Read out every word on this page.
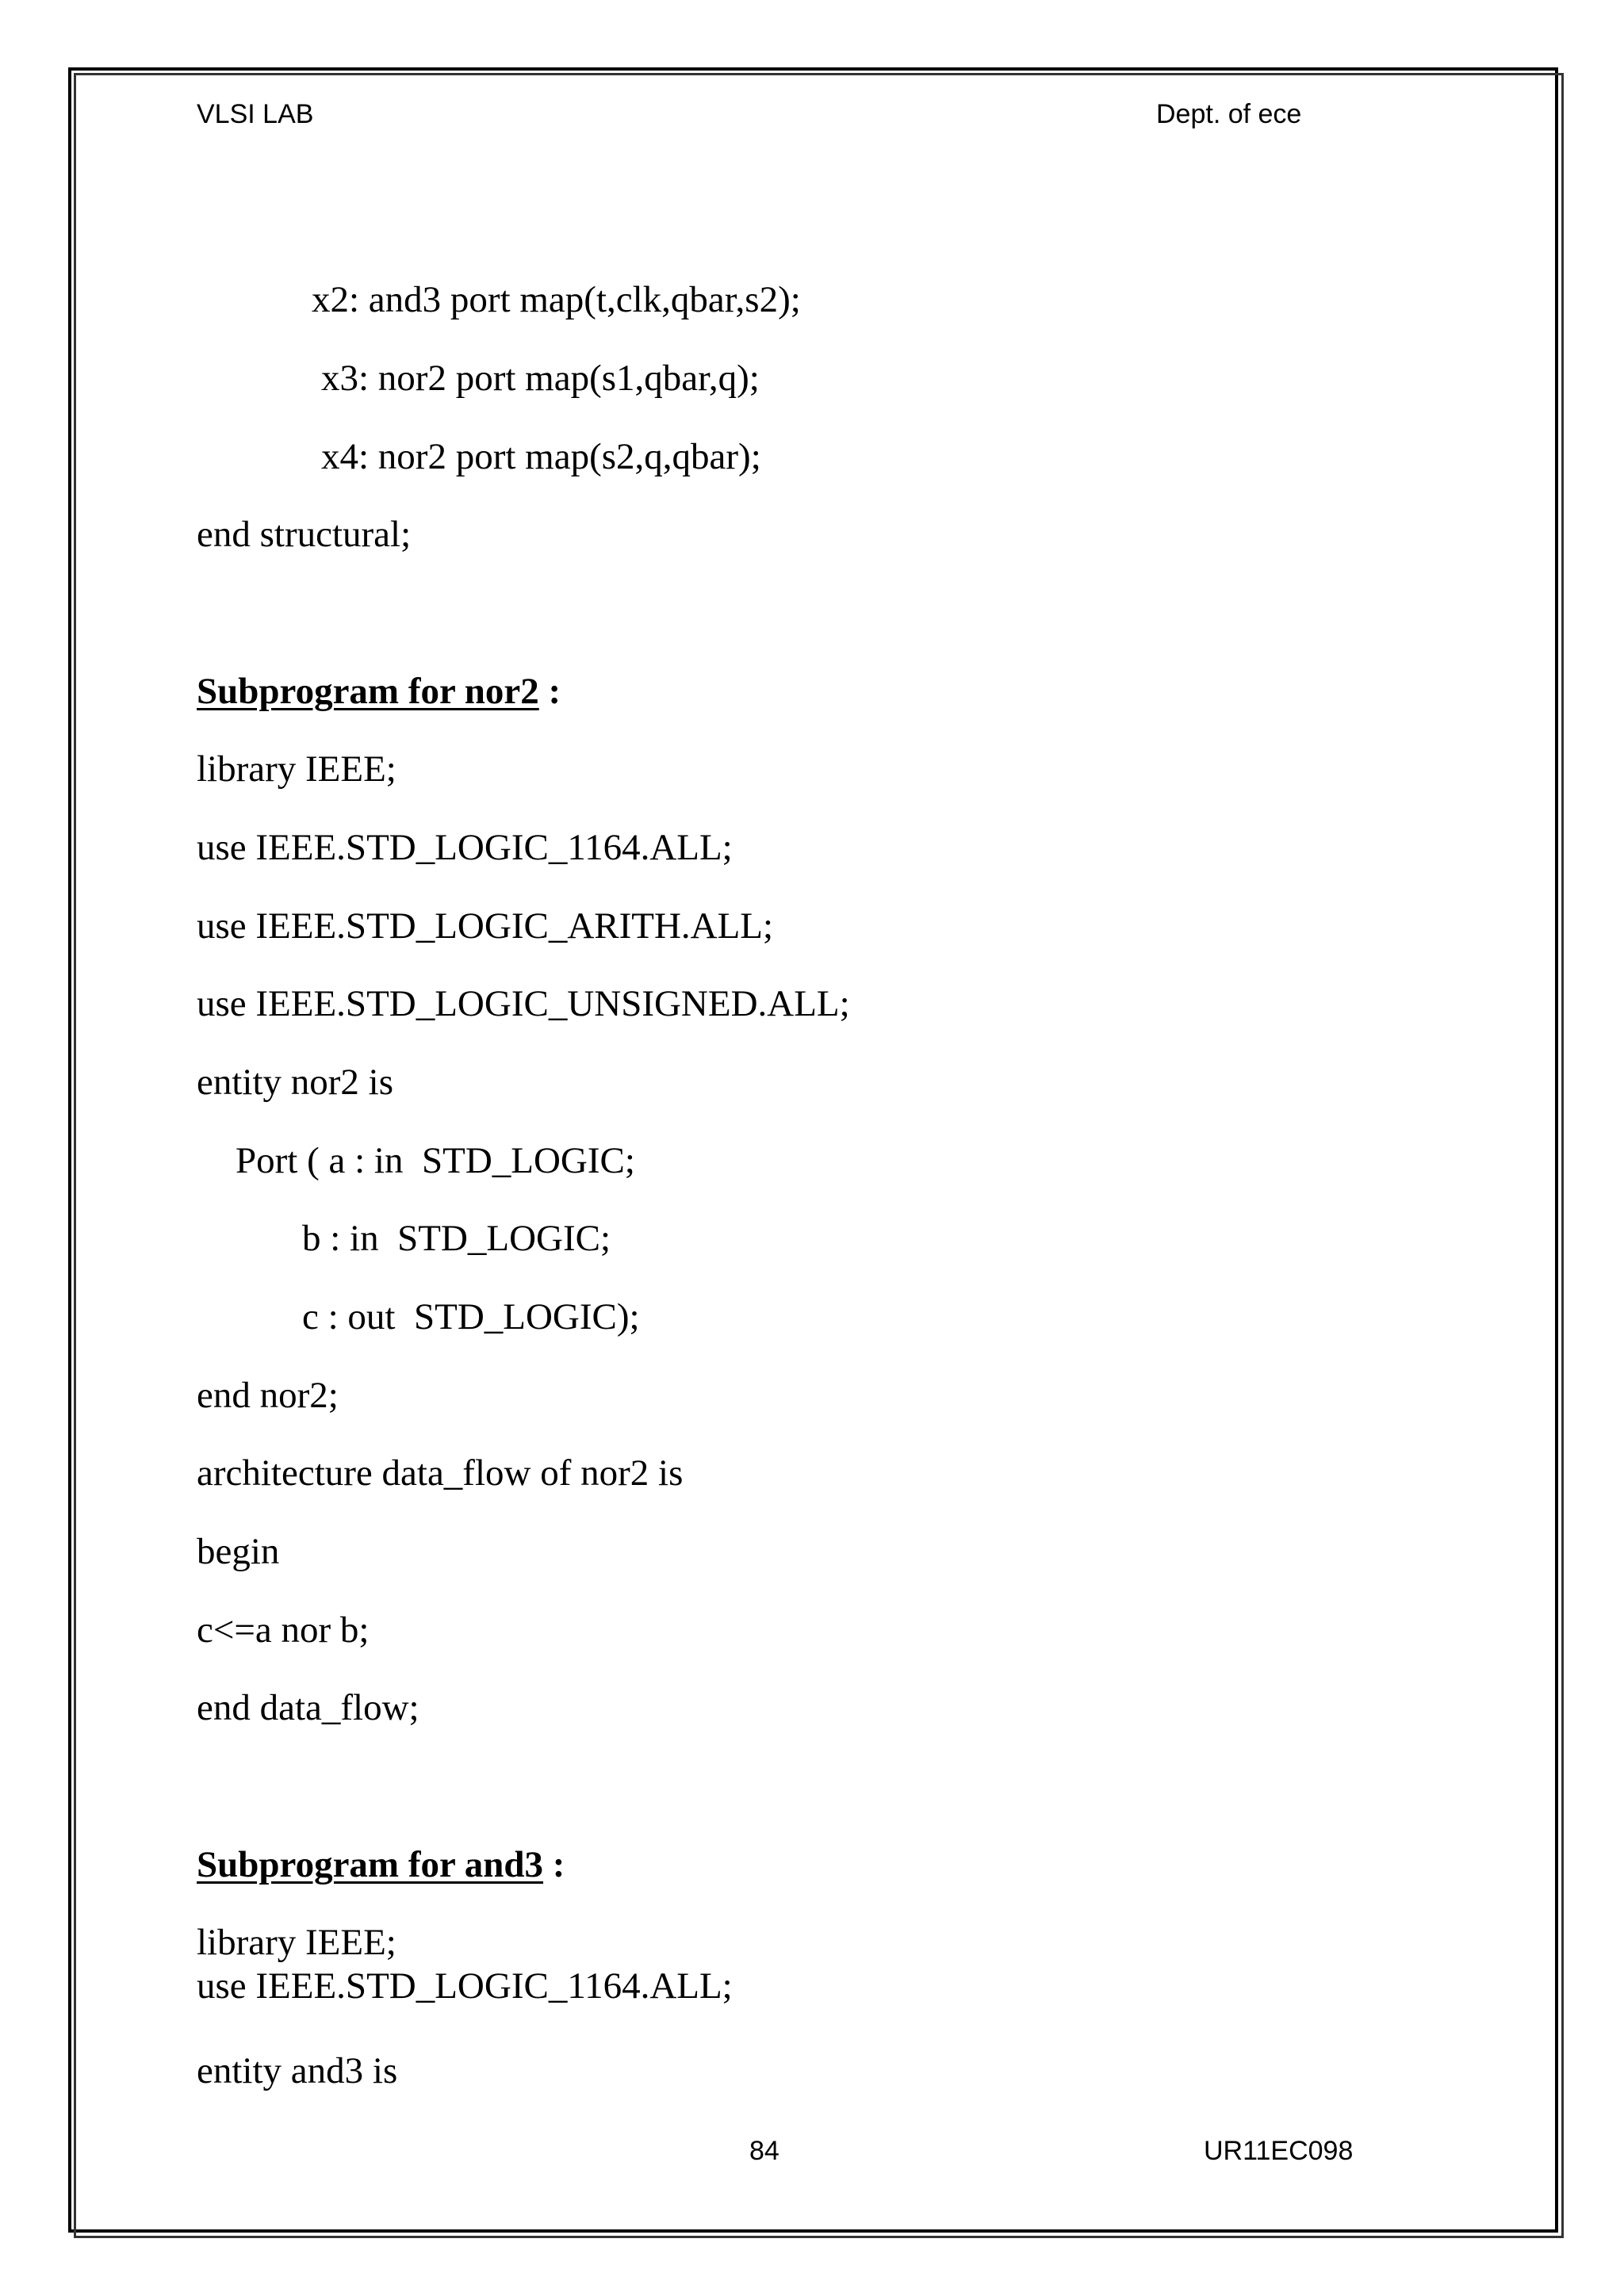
VLSI LAB	Dept. of ece
x2: and3 port map(t,clk,qbar,s2);
x3: nor2 port map(s1,qbar,q);
x4: nor2 port map(s2,q,qbar);
end structural;
Subprogram for nor2 :
library IEEE;
use IEEE.STD_LOGIC_1164.ALL;
use IEEE.STD_LOGIC_ARITH.ALL;
use IEEE.STD_LOGIC_UNSIGNED.ALL;
entity nor2 is
Port ( a : in  STD_LOGIC;
b : in  STD_LOGIC;
c : out  STD_LOGIC);
end nor2;
architecture data_flow of nor2 is
begin
c<=a nor b;
end data_flow;
Subprogram for and3 :
library IEEE;
use IEEE.STD_LOGIC_1164.ALL;
entity and3 is
84	UR11EC098
